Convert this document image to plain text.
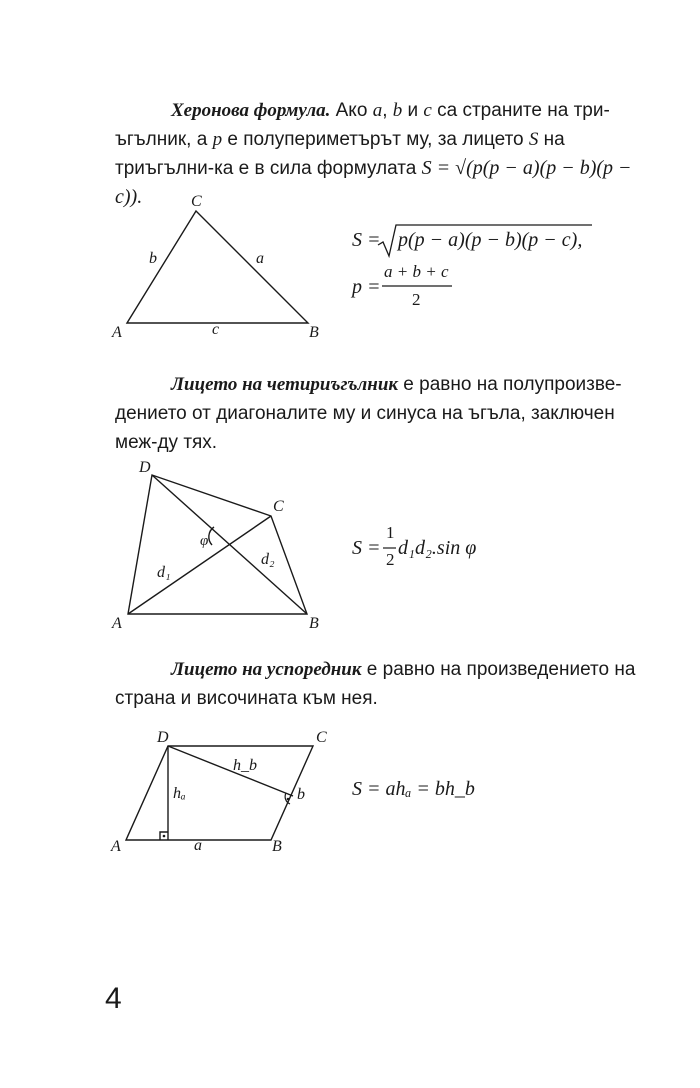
Херонова формула. Ако a, b и c са страните на три-ъгълник, а p е полупериметърът му, за лицето S на триъгълни-ка е в сила формулата S = √(p(p − a)(p − b)(p − c)).	C
b	a
A	c	B
S = p(p − a)(p − b)(p − c),
p =
a + b + c
2

Лицето на четириъгълник е равно на полупроизве-дението от диагоналите му и синуса на ъгъла, заключен меж-ду тях.

D
C
φ
d₁
d₂
A	B
S =
1
2
d₁d₂.sin φ

Лицето на успоредник е равно на произведението на страна и височината към нея.

D	C
h_b
hₐ	b
A	a	B
S = ahₐ = bh_b
4
